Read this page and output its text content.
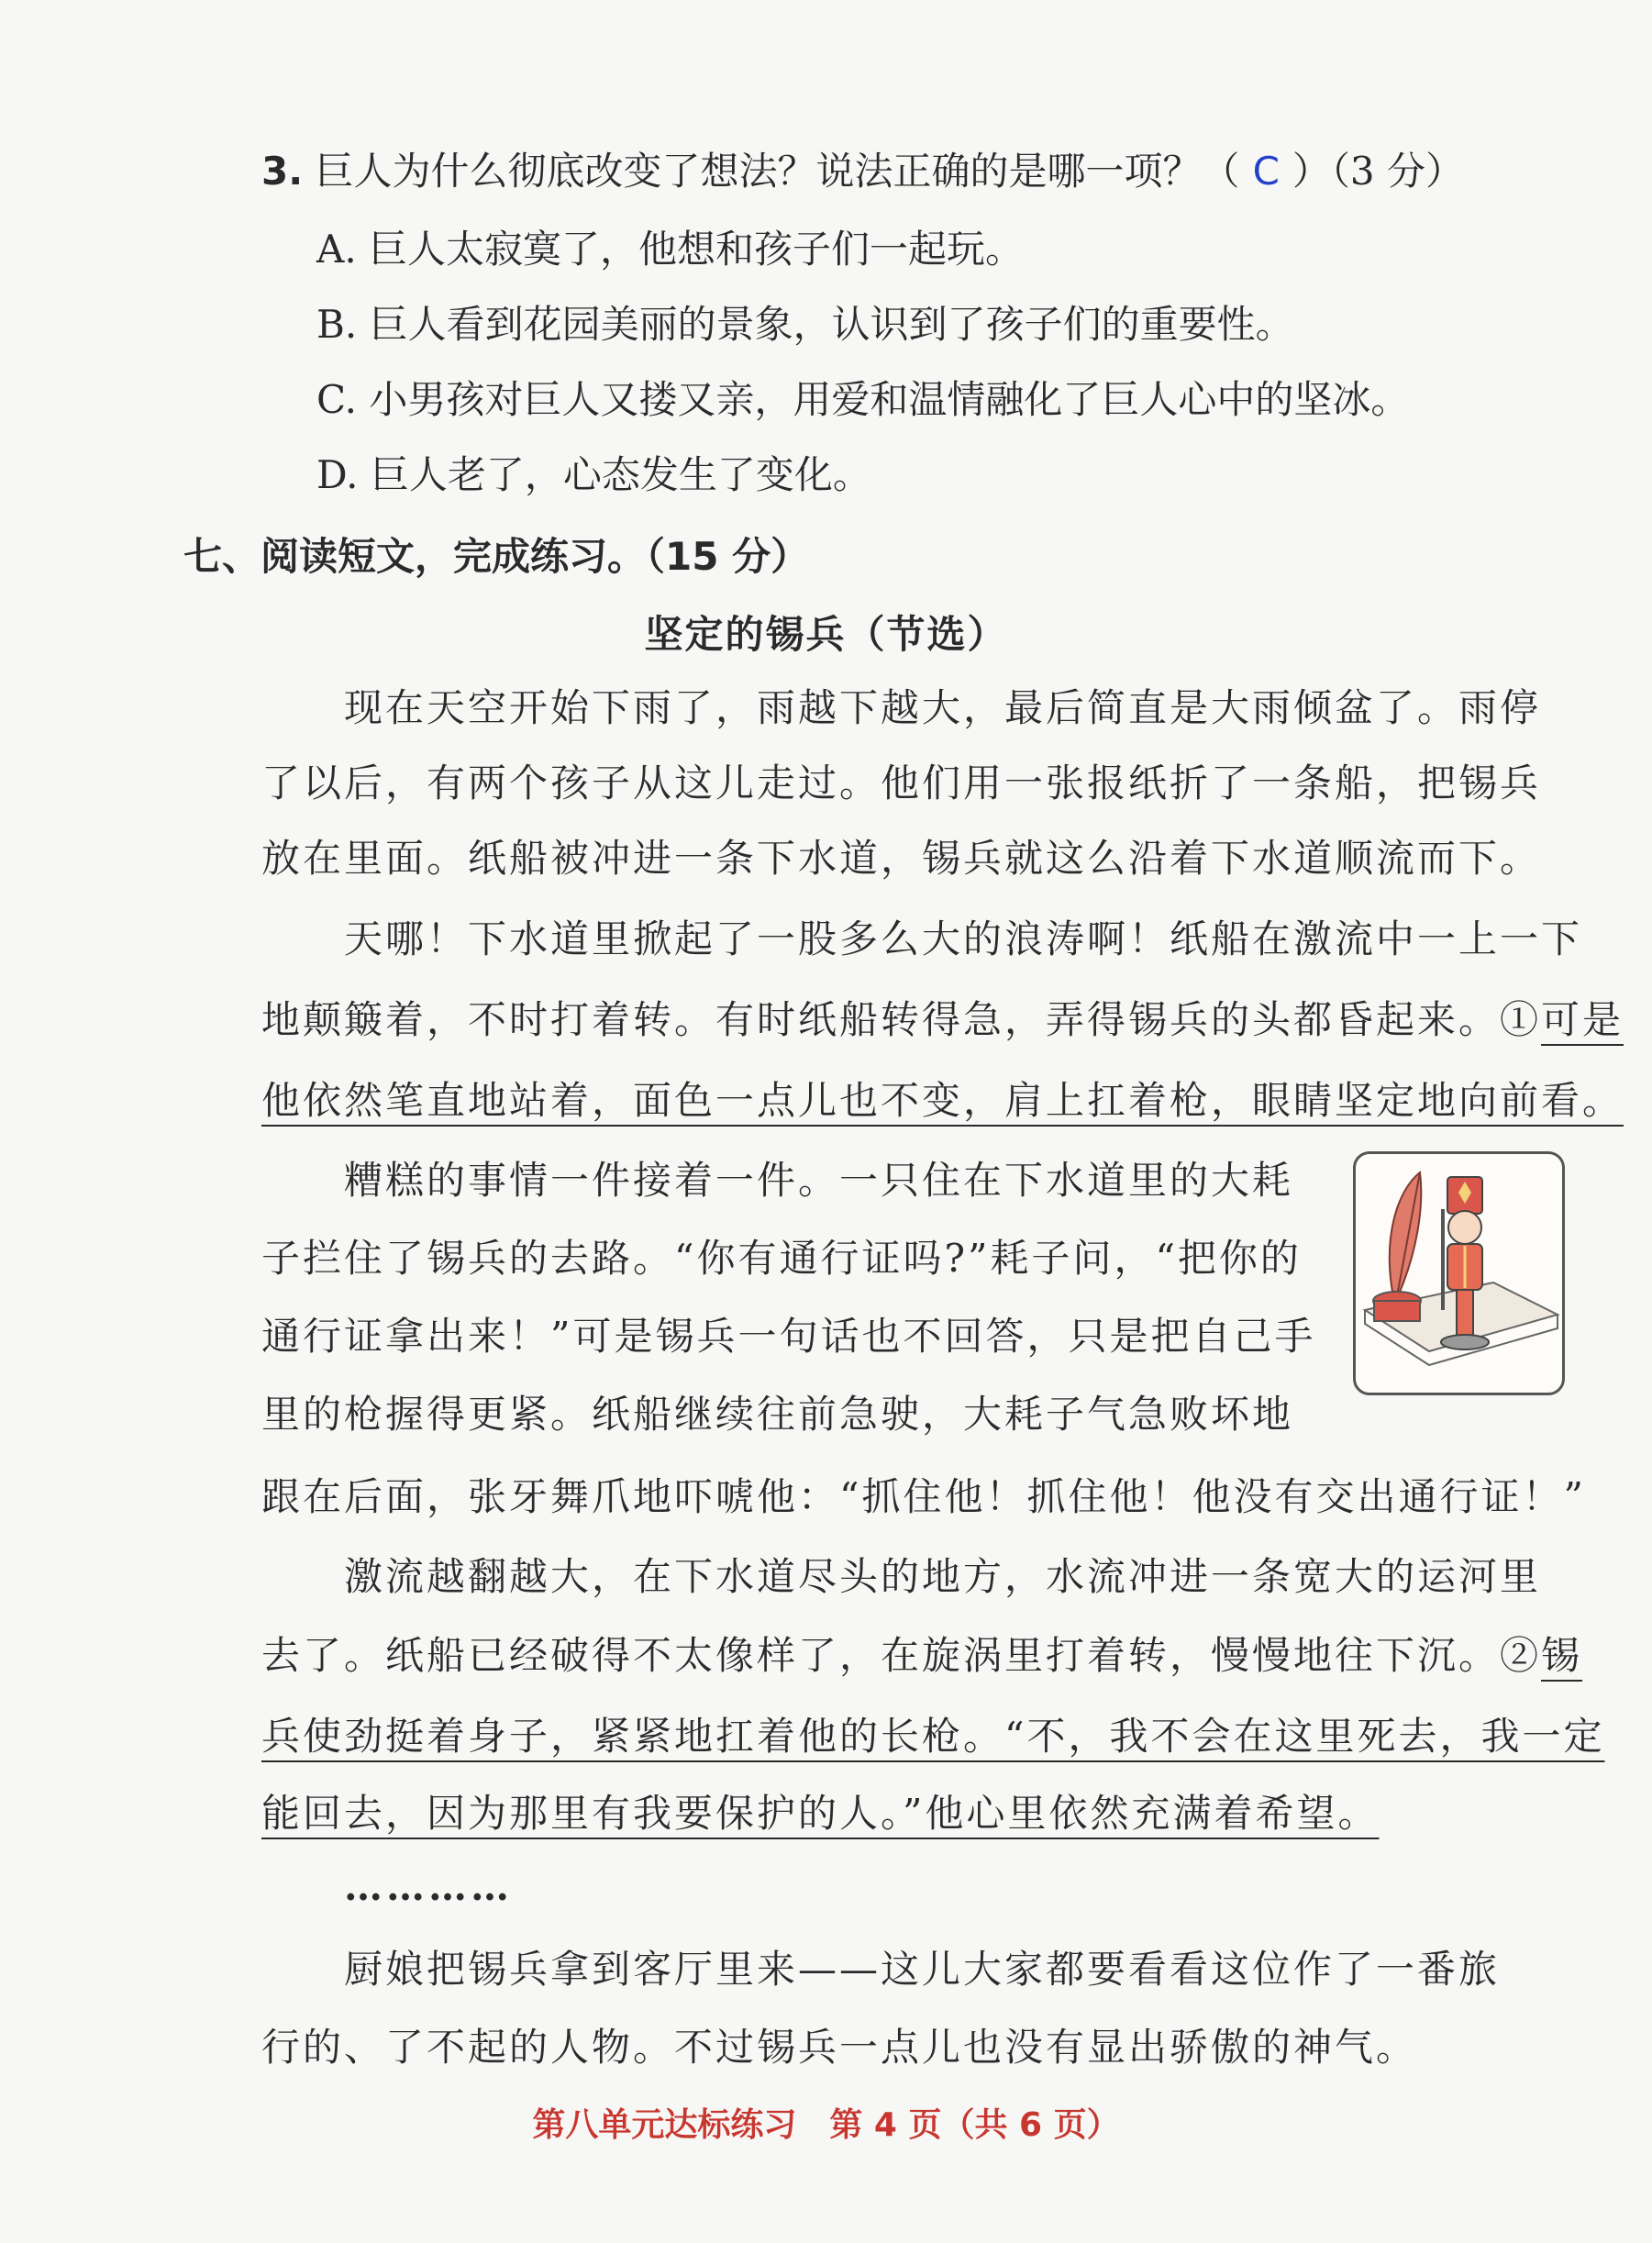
3. 巨人为什么彻底改变了想法？说法正确的是哪一项？（ C ）（3 分）
A. 巨人太寂寞了，他想和孩子们一起玩。
B. 巨人看到花园美丽的景象，认识到了孩子们的重要性。
C. 小男孩对巨人又搂又亲，用爱和温情融化了巨人心中的坚冰。
D. 巨人老了，心态发生了变化。
七、阅读短文，完成练习。（15 分）
坚定的锡兵（节选）
现在天空开始下雨了，雨越下越大，最后简直是大雨倾盆了。雨停
了以后，有两个孩子从这儿走过。他们用一张报纸折了一条船，把锡兵
放在里面。纸船被冲进一条下水道，锡兵就这么沿着下水道顺流而下。
天哪！下水道里掀起了一股多么大的浪涛啊！纸船在激流中一上一下
地颠簸着，不时打着转。有时纸船转得急，弄得锡兵的头都昏起来。①可是
他依然笔直地站着，面色一点儿也不变，肩上扛着枪，眼睛坚定地向前看。
糟糕的事情一件接着一件。一只住在下水道里的大耗
子拦住了锡兵的去路。“你有通行证吗?”耗子问，“把你的
通行证拿出来！”可是锡兵一句话也不回答，只是把自己手
里的枪握得更紧。纸船继续往前急驶，大耗子气急败坏地
跟在后面，张牙舞爪地吓唬他：“抓住他！抓住他！他没有交出通行证！”
激流越翻越大，在下水道尽头的地方，水流冲进一条宽大的运河里
去了。纸船已经破得不太像样了，在旋涡里打着转，慢慢地往下沉。②锡
兵使劲挺着身子，紧紧地扛着他的长枪。“不，我不会在这里死去，我一定
能回去，因为那里有我要保护的人。”他心里依然充满着希望。
…………
厨娘把锡兵拿到客厅里来——这儿大家都要看看这位作了一番旅
行的、了不起的人物。不过锡兵一点儿也没有显出骄傲的神气。
第八单元达标练习　第 4 页（共 6 页）
